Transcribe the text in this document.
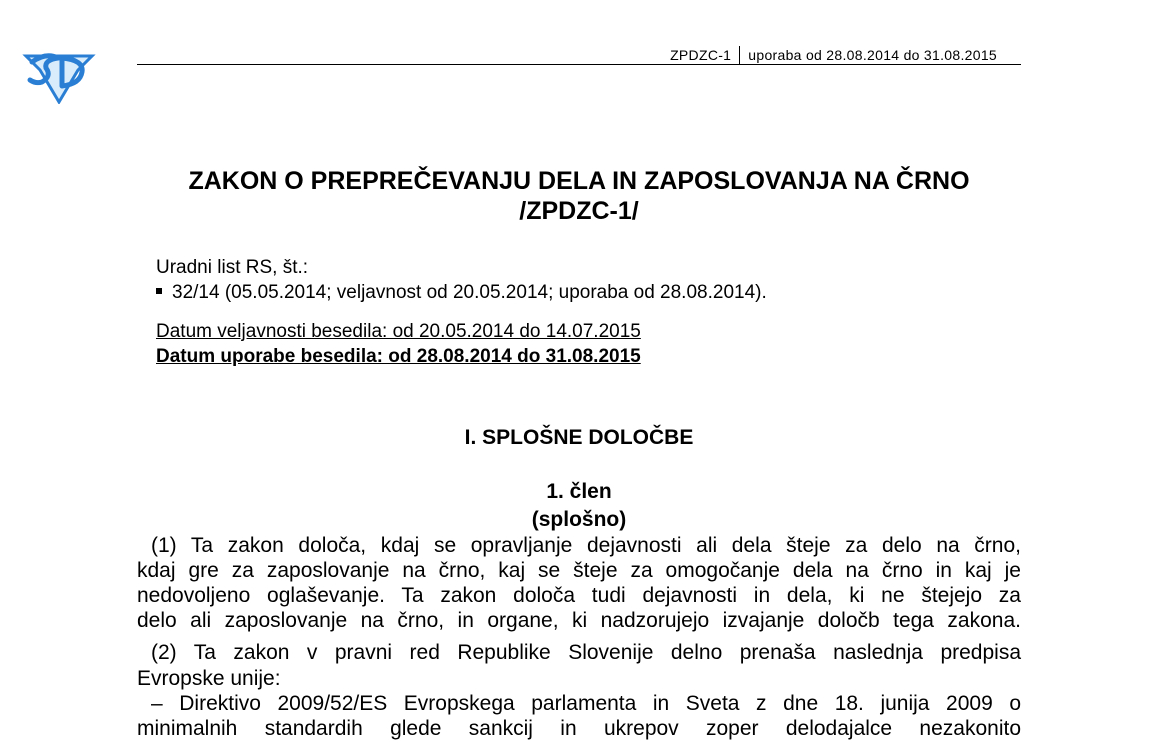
ZPDZC-1 uporaba od 28.08.2014 do 31.08.2015
ZAKON O PREPREČEVANJU DELA IN ZAPOSLOVANJA NA ČRNO
/ZPDZC-1/
Uradni list RS, št.:
32/14 (05.05.2014; veljavnost od 20.05.2014; uporaba od 28.08.2014).
Datum veljavnosti besedila: od 20.05.2014 do 14.07.2015
Datum uporabe besedila: od 28.08.2014 do 31.08.2015
I. SPLOŠNE DOLOČBE
1. člen
(splošno)
(1) Ta zakon določa, kdaj se opravljanje dejavnosti ali dela šteje za delo na črno,
kdaj gre za zaposlovanje na črno, kaj se šteje za omogočanje dela na črno in kaj je
nedovoljeno oglaševanje. Ta zakon določa tudi dejavnosti in dela, ki ne štejejo za
delo ali zaposlovanje na črno, in organe, ki nadzorujejo izvajanje določb tega zakona.
(2) Ta zakon v pravni red Republike Slovenije delno prenaša naslednja predpisa
Evropske unije:
– Direktivo 2009/52/ES Evropskega parlamenta in Sveta z dne 18. junija 2009 o
minimalnih standardih glede sankcij in ukrepov zoper delodajalce nezakonito
